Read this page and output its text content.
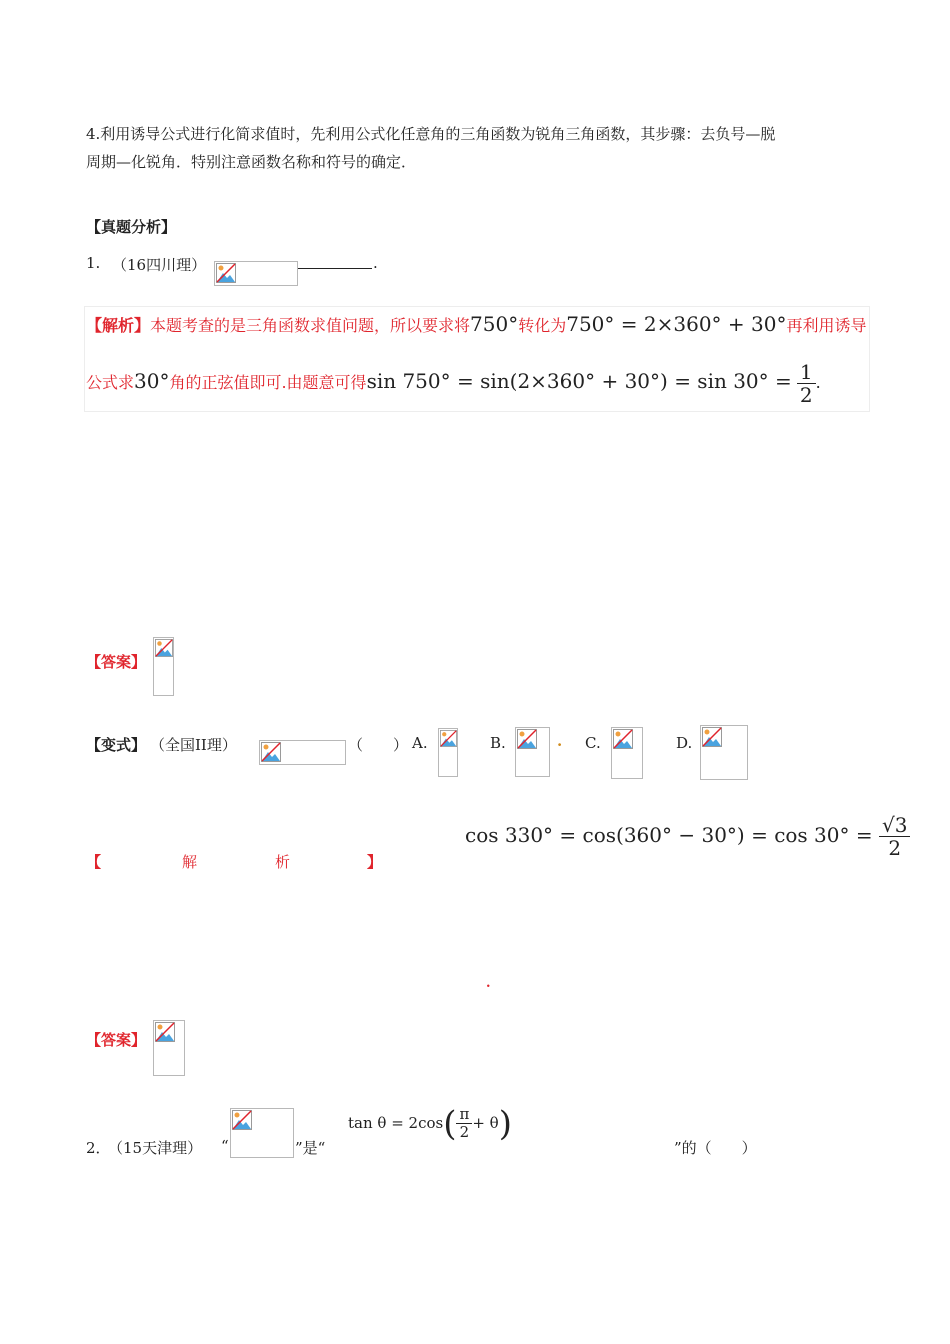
4.利用诱导公式进行化简求值时，先利用公式化任意角的三角函数为锐角三角函数，其步骤：去负号—脱
周期—化锐角．特别注意函数名称和符号的确定．
【真题分析】
1. （16四川理）	.
【解析】本题考查的是三角函数求值问题，所以要求将750°转化为750° = 2×360° + 30°再利用诱导
公式求30°角的正弦值即可.由题意可得$\sin 750^\circ = \sin(2\times 360^\circ + 30^\circ) = \sin 30^\circ = \frac{1}{2}$ .
【答案】
【变式】 （全国II理）	（　　） A.	B.	. C.	D.
$\cos 330^\circ = \cos(360^\circ - 30^\circ) = \cos 30^\circ = \frac{√3}{2}$
【	解	析	】
.
【答案】
2．
（15天津理） “	”是“
$\tan \theta = 2\cos( \frac{\pi}{2} + \theta)$
”的（　　）
